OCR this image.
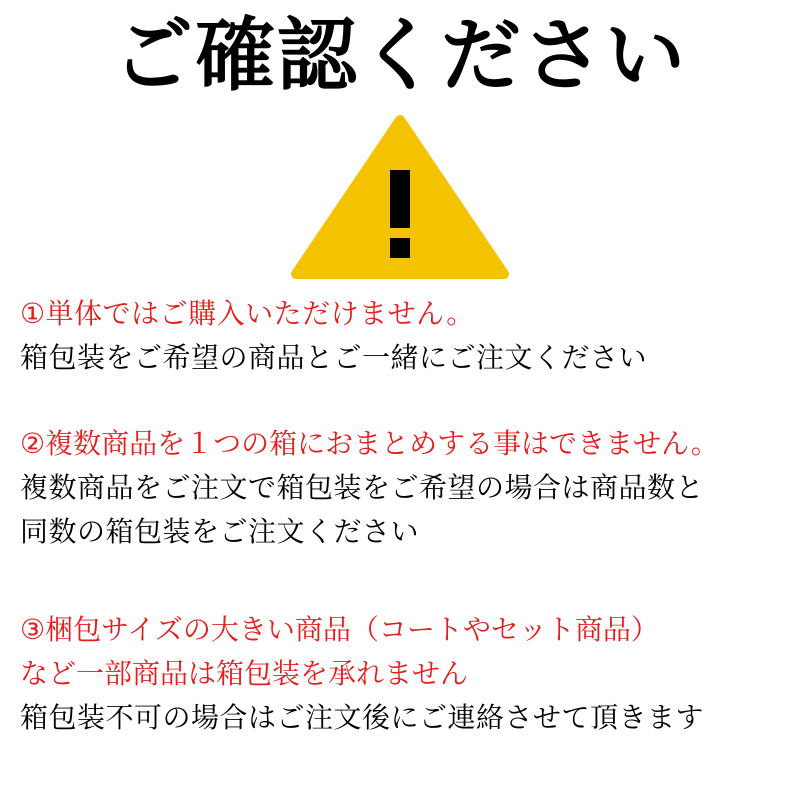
ご確認ください
①単体ではご購入いただけません。
箱包装をご希望の商品とご一緒にご注文ください
②複数商品を１つの箱におまとめする事はできません。
複数商品をご注文で箱包装をご希望の場合は商品数と
同数の箱包装をご注文ください
③梱包サイズの大きい商品（コートやセット商品）
など一部商品は箱包装を承れません
箱包装不可の場合はご注文後にご連絡させて頂きます
